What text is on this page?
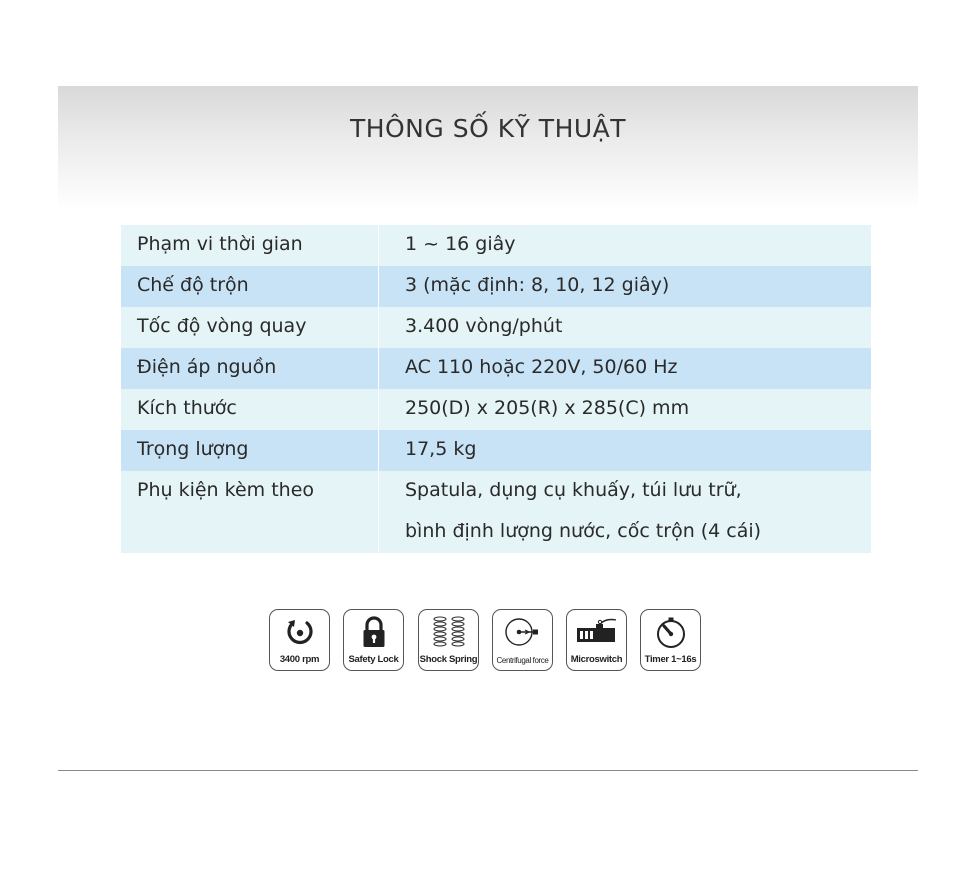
THÔNG SỐ KỸ THUẬT
Phạm vi thời gian	1 ~ 16 giây

Chế độ trộn	3 (mặc định: 8, 10, 12 giây)

Tốc độ vòng quay	3.400 vòng/phút

Điện áp nguồn	AC 110 hoặc 220V, 50/60 Hz

Kích thước	250(D) x 205(R) x 285(C) mm

Trọng lượng	17,5 kg

Phụ kiện kèm theo	Spatula, dụng cụ khuấy, túi lưu trữ,
bình định lượng nước, cốc trộn (4 cái)
3400 rpm	Safety Lock	Shock Spring	Centrifugal force	Microswitch	Timer 1~16s
